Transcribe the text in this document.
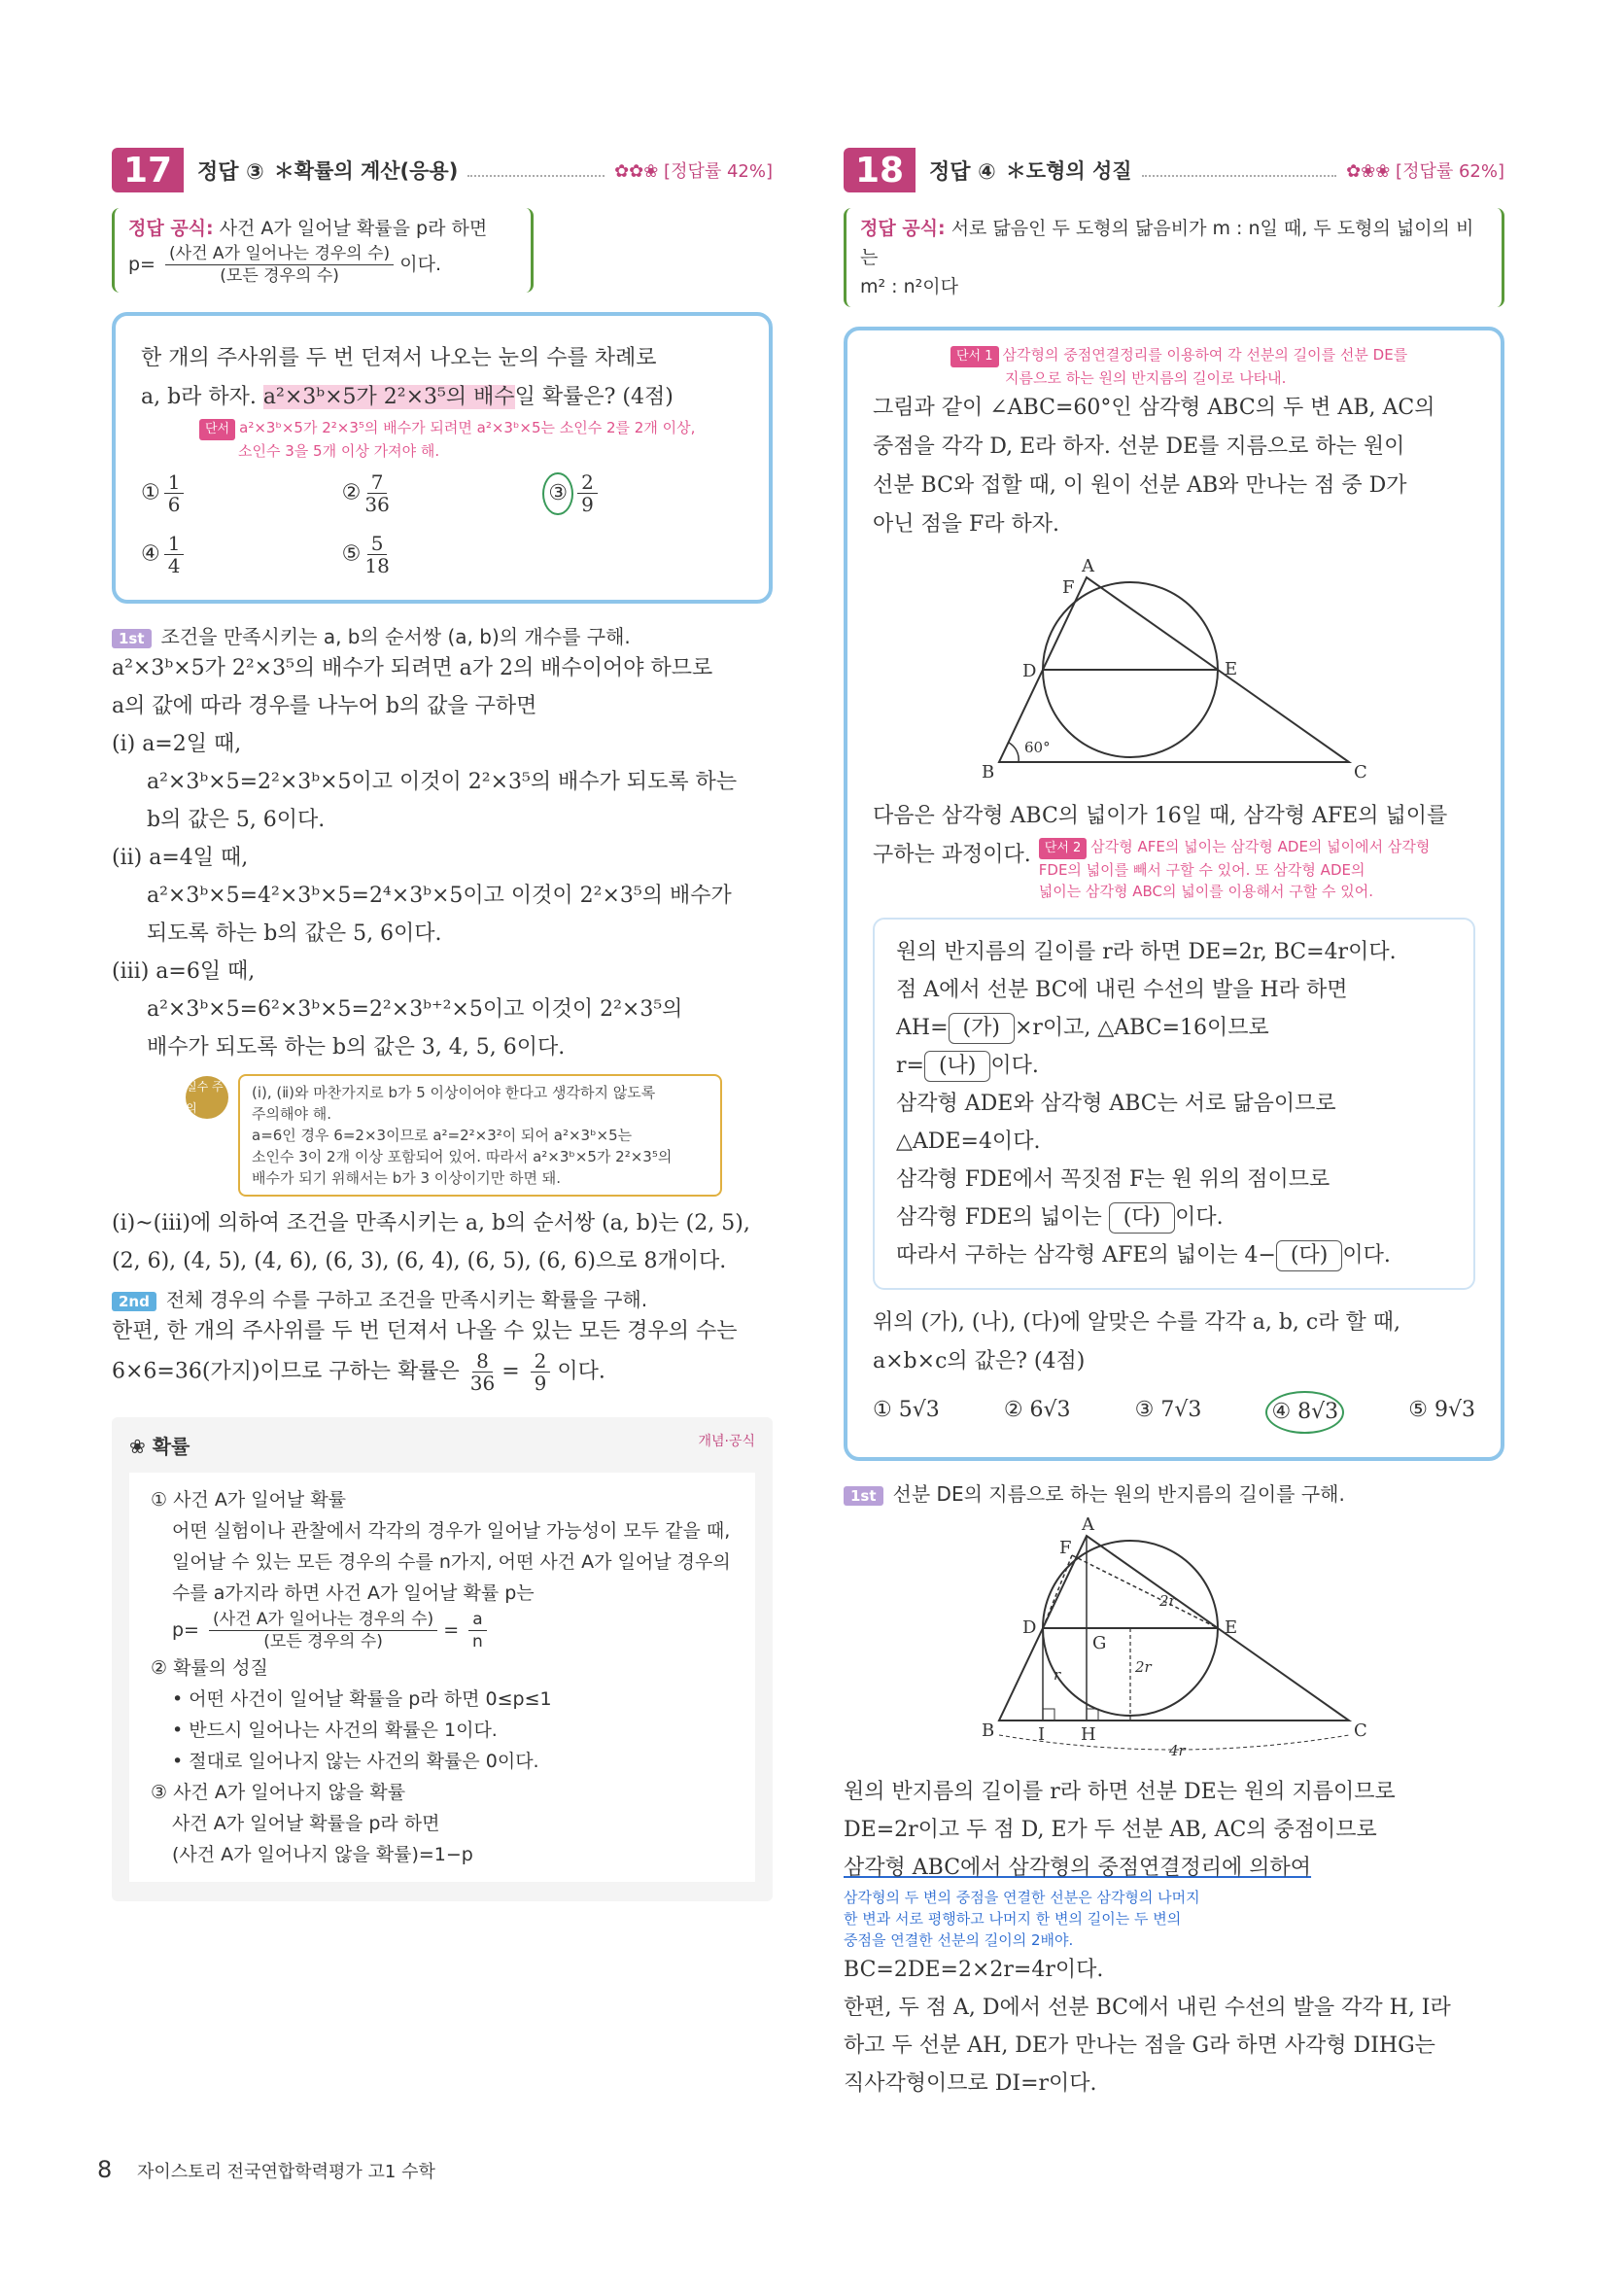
17	정답 ③ ＊확률의 계산(응용)	✿✿❀ [정답률 42%]
정답 공식: 사건 A가 일어날 확률을 p라 하면
$p= \frac{\text{(사건 A가 일어나는 경우의 수)}}{\text{(모든 경우의 수)}}$ 이다.
한 개의 주사위를 두 번 던져서 나오는 눈의 수를 차례로
a, b라 하자. a²×3ᵇ×5가 2²×3⁵의 배수일 확률은? (4점)
단서 a²×3ᵇ×5가 2²×3⁵의 배수가 되려면 a²×3ᵇ×5는 소인수 2를 2개 이상,
소인수 3을 5개 이상 가져야 해.
① $\frac{1}{6}$	② $\frac{7}{36}$	③ $\frac{2}{9}$
④ $\frac{1}{4}$	⑤ $\frac{5}{18}$
1st 조건을 만족시키는 a, b의 순서쌍 (a, b)의 개수를 구해.
a²×3ᵇ×5가 2²×3⁵의 배수가 되려면 a가 2의 배수이어야 하므로
a의 값에 따라 경우를 나누어 b의 값을 구하면
(ⅰ) a=2일 때,
a²×3ᵇ×5=2²×3ᵇ×5이고 이것이 2²×3⁵의 배수가 되도록 하는
b의 값은 5, 6이다.
(ⅱ) a=4일 때,
a²×3ᵇ×5=4²×3ᵇ×5=2⁴×3ᵇ×5이고 이것이 2²×3⁵의 배수가
되도록 하는 b의 값은 5, 6이다.
(ⅲ) a=6일 때,
a²×3ᵇ×5=6²×3ᵇ×5=2²×3ᵇ⁺²×5이고 이것이 2²×3⁵의
배수가 되도록 하는 b의 값은 3, 4, 5, 6이다.
실수 주의
(ⅰ), (ⅱ)와 마찬가지로 b가 5 이상이어야 한다고 생각하지 않도록
주의해야 해.
a=6인 경우 6=2×3이므로 a²=2²×3²이 되어 a²×3ᵇ×5는
소인수 3이 2개 이상 포함되어 있어. 따라서 a²×3ᵇ×5가 2²×3⁵의
배수가 되기 위해서는 b가 3 이상이기만 하면 돼.
(ⅰ)~(ⅲ)에 의하여 조건을 만족시키는 a, b의 순서쌍 (a, b)는 (2, 5),
(2, 6), (4, 5), (4, 6), (6, 3), (6, 4), (6, 5), (6, 6)으로 8개이다.
2nd 전체 경우의 수를 구하고 조건을 만족시키는 확률을 구해.
한편, 한 개의 주사위를 두 번 던져서 나올 수 있는 모든 경우의 수는
6×6=36(가지)이므로 구하는 확률은 $\frac{8}{36} = \frac{2}{9}$ 이다.
❀ 확률	개념·공식
① 사건 A가 일어날 확률
어떤 실험이나 관찰에서 각각의 경우가 일어날 가능성이 모두 같을 때,
일어날 수 있는 모든 경우의 수를 n가지, 어떤 사건 A가 일어날 경우의
수를 a가지라 하면 사건 A가 일어날 확률 p는
$p= \frac{\text{(사건 A가 일어나는 경우의 수)}}{\text{(모든 경우의 수)}} = \frac{a}{n}$
② 확률의 성질
• 어떤 사건이 일어날 확률을 p라 하면 0≤p≤1
• 반드시 일어나는 사건의 확률은 1이다.
• 절대로 일어나지 않는 사건의 확률은 0이다.
③ 사건 A가 일어나지 않을 확률
사건 A가 일어날 확률을 p라 하면
(사건 A가 일어나지 않을 확률)=1−p
18	정답 ④ ＊도형의 성질	✿❀❀ [정답률 62%]
정답 공식: 서로 닮음인 두 도형의 닮음비가 m : n일 때, 두 도형의 넓이의 비는
m² : n²이다
단서 1 삼각형의 중점연결정리를 이용하여 각 선분의 길이를 선분 DE를
지름으로 하는 원의 반지름의 길이로 나타내.
그림과 같이 ∠ABC=60°인 삼각형 ABC의 두 변 AB, AC의
중점을 각각 D, E라 하자. 선분 DE를 지름으로 하는 원이
선분 BC와 접할 때, 이 원이 선분 AB와 만나는 점 중 D가
아닌 점을 F라 하자.
A
F
D	E
B	C
60°
다음은 삼각형 ABC의 넓이가 16일 때, 삼각형 AFE의 넓이를
구하는 과정이다.	단서 2 삼각형 AFE의 넓이는 삼각형 ADE의 넓이에서 삼각형
FDE의 넓이를 빼서 구할 수 있어. 또 삼각형 ADE의
넓이는 삼각형 ABC의 넓이를 이용해서 구할 수 있어.
원의 반지름의 길이를 r라 하면 DE=2r, BC=4r이다.
점 A에서 선분 BC에 내린 수선의 발을 H라 하면
AH= (가) ×r이고, △ABC=16이므로
r= (나) 이다.
삼각형 ADE와 삼각형 ABC는 서로 닮음이므로
△ADE=4이다.
삼각형 FDE에서 꼭짓점 F는 원 위의 점이므로
삼각형 FDE의 넓이는 (다) 이다.
따라서 구하는 삼각형 AFE의 넓이는 4− (다) 이다.
위의 (가), (나), (다)에 알맞은 수를 각각 a, b, c라 할 때,
a×b×c의 값은? (4점)
① 5√3	② 6√3	③ 7√3	④ 8√3	⑤ 9√3
1st 선분 DE의 지름으로 하는 원의 반지름의 길이를 구해.
A
F
D	E
G
B	C
I H
r
2r
2r
4r
원의 반지름의 길이를 r라 하면 선분 DE는 원의 지름이므로
DE=2r이고 두 점 D, E가 두 선분 AB, AC의 중점이므로
삼각형 ABC에서 삼각형의 중점연결정리에 의하여
삼각형의 두 변의 중점을 연결한 선분은 삼각형의 나머지
한 변과 서로 평행하고 나머지 한 변의 길이는 두 변의
중점을 연결한 선분의 길이의 2배야.
BC=2DE=2×2r=4r이다.
한편, 두 점 A, D에서 선분 BC에서 내린 수선의 발을 각각 H, I라
하고 두 선분 AH, DE가 만나는 점을 G라 하면 사각형 DIHG는
직사각형이므로 DI=r이다.
8 자이스토리 전국연합학력평가 고1 수학
